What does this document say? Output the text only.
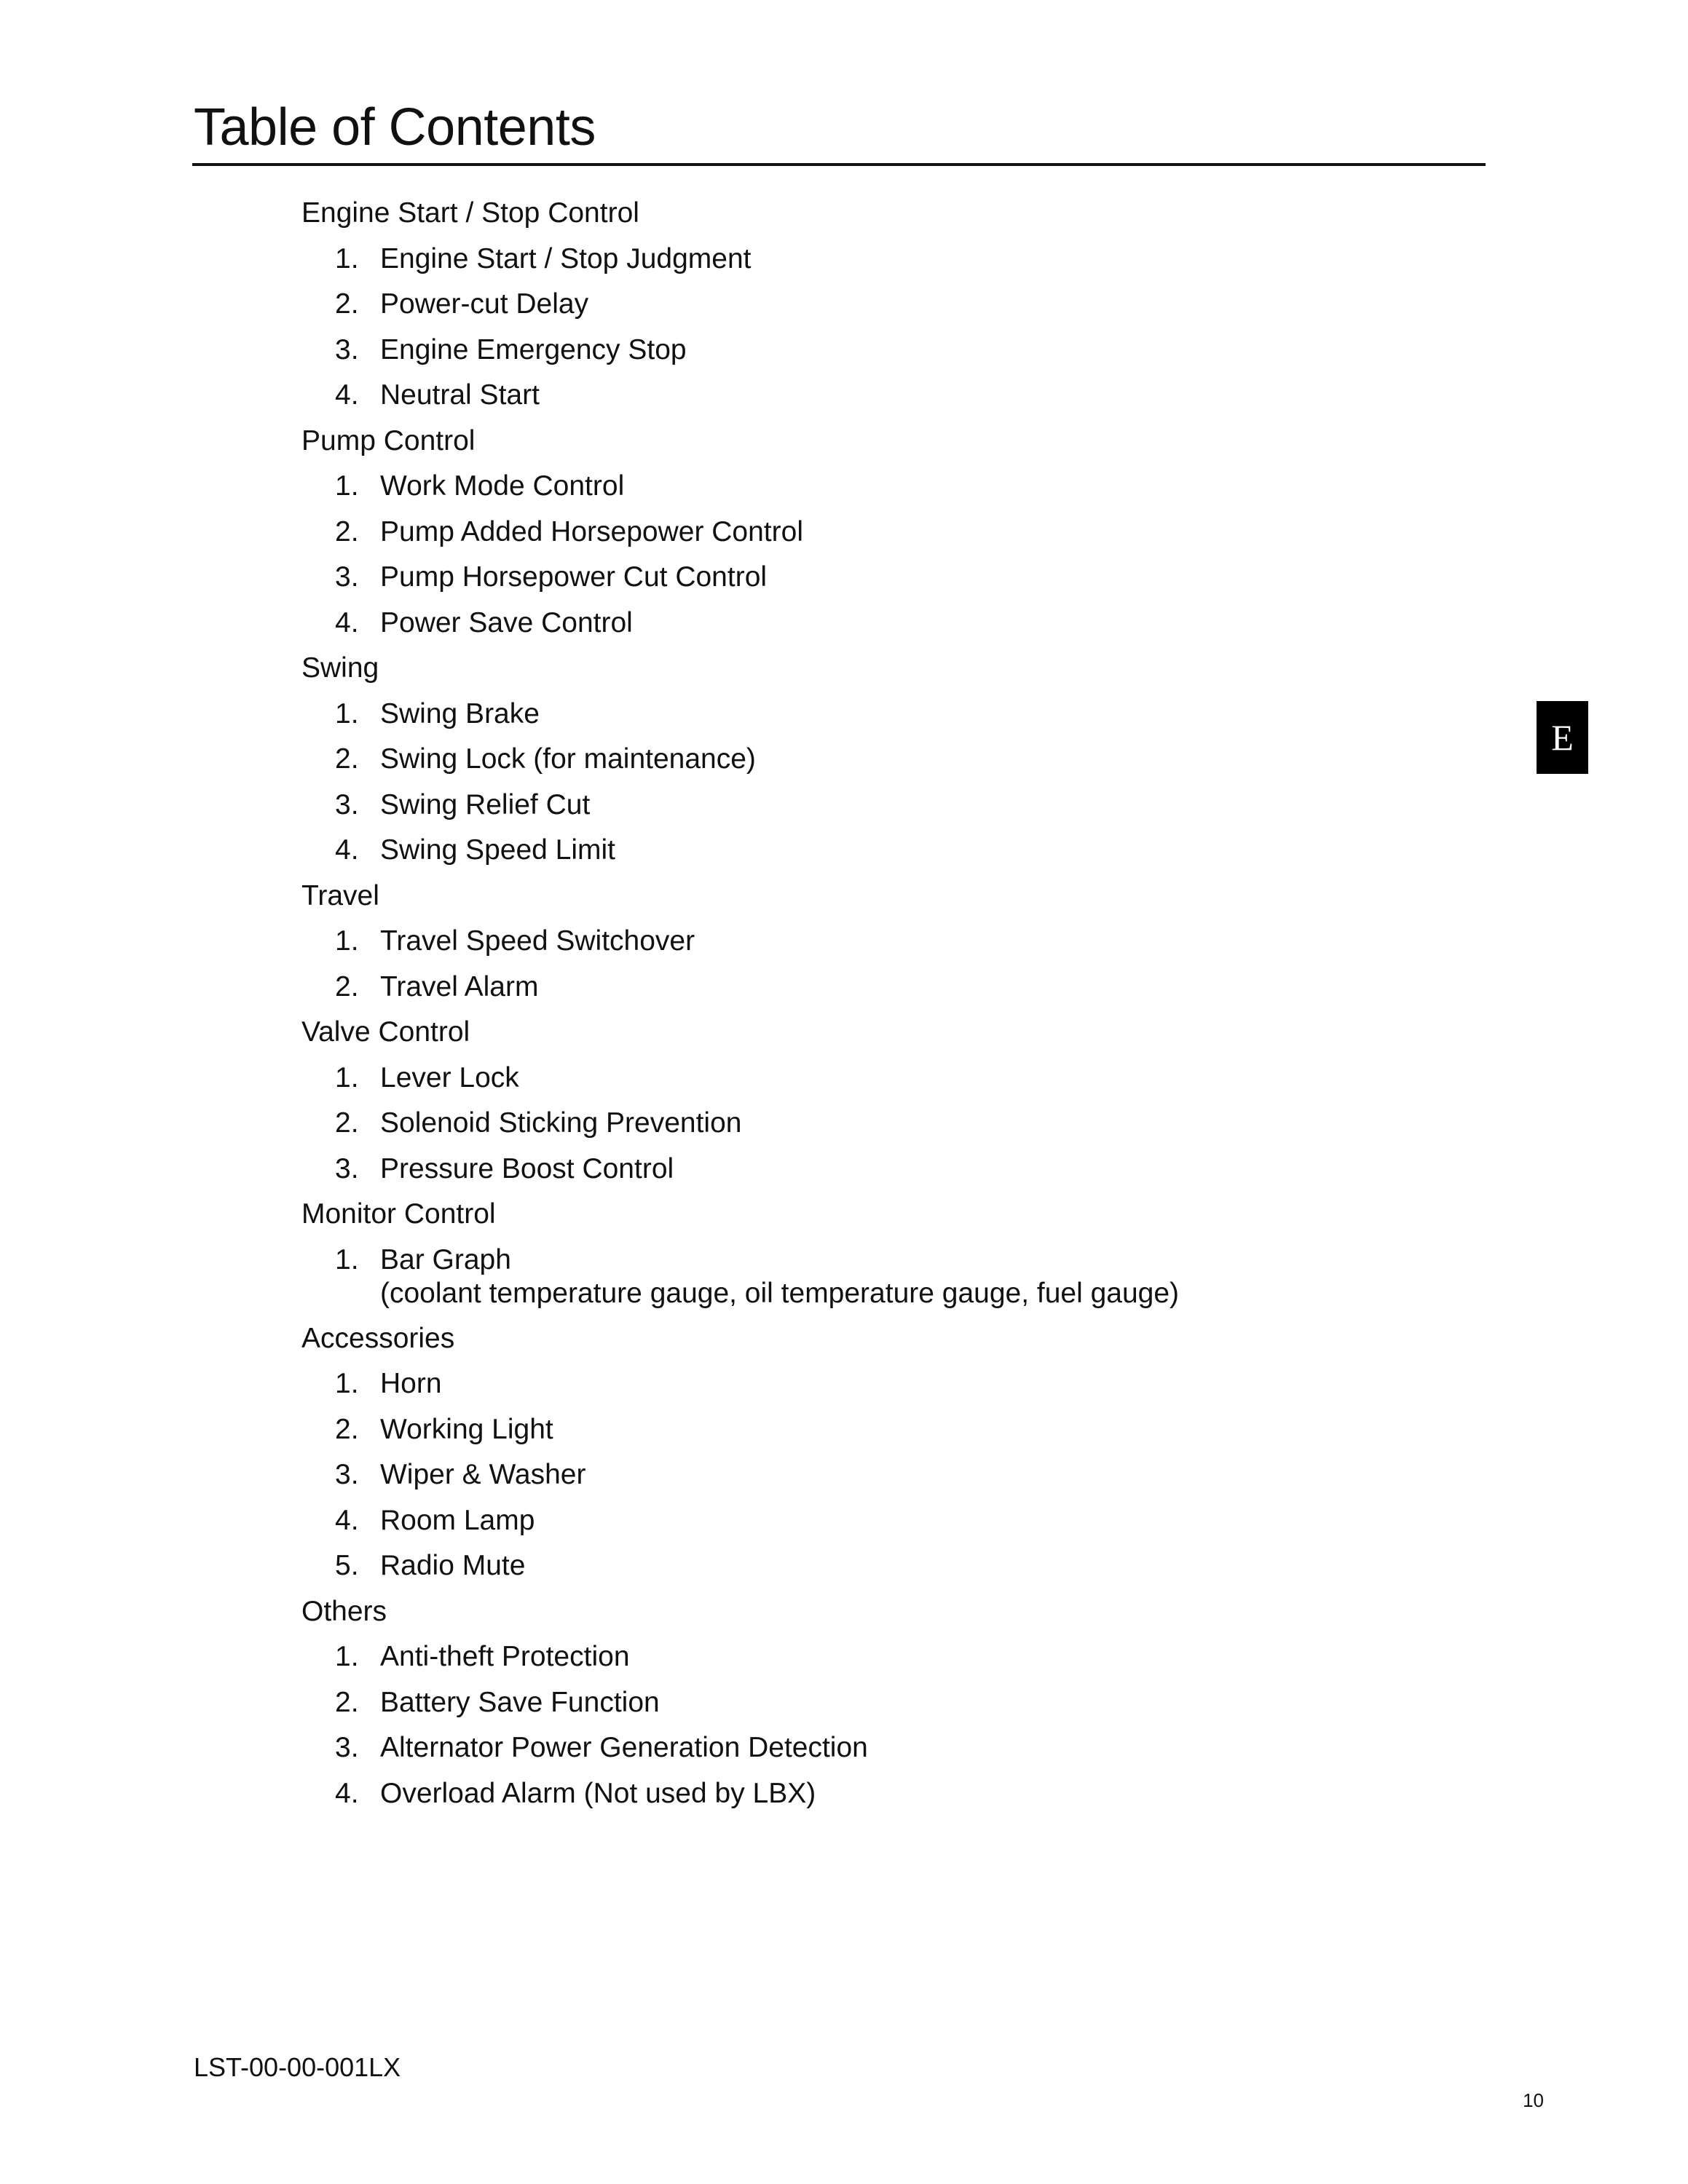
Table of Contents
Engine Start / Stop Control
1. Engine Start / Stop Judgment
2. Power-cut Delay
3. Engine Emergency Stop
4. Neutral Start
Pump Control
1. Work Mode Control
2. Pump Added Horsepower Control
3. Pump Horsepower Cut Control
4. Power Save Control
Swing
1. Swing Brake
2. Swing Lock (for maintenance)
3. Swing Relief Cut
4. Swing Speed Limit
Travel
1. Travel Speed Switchover
2. Travel Alarm
Valve Control
1. Lever Lock
2. Solenoid Sticking Prevention
3. Pressure Boost Control
Monitor Control
1. Bar Graph
(coolant temperature gauge, oil temperature gauge, fuel gauge)
Accessories
1. Horn
2. Working Light
3. Wiper & Washer
4. Room Lamp
5. Radio Mute
Others
1. Anti-theft Protection
2. Battery Save Function
3. Alternator Power Generation Detection
4. Overload Alarm (Not used by LBX)
E
LST-00-00-001LX
10
